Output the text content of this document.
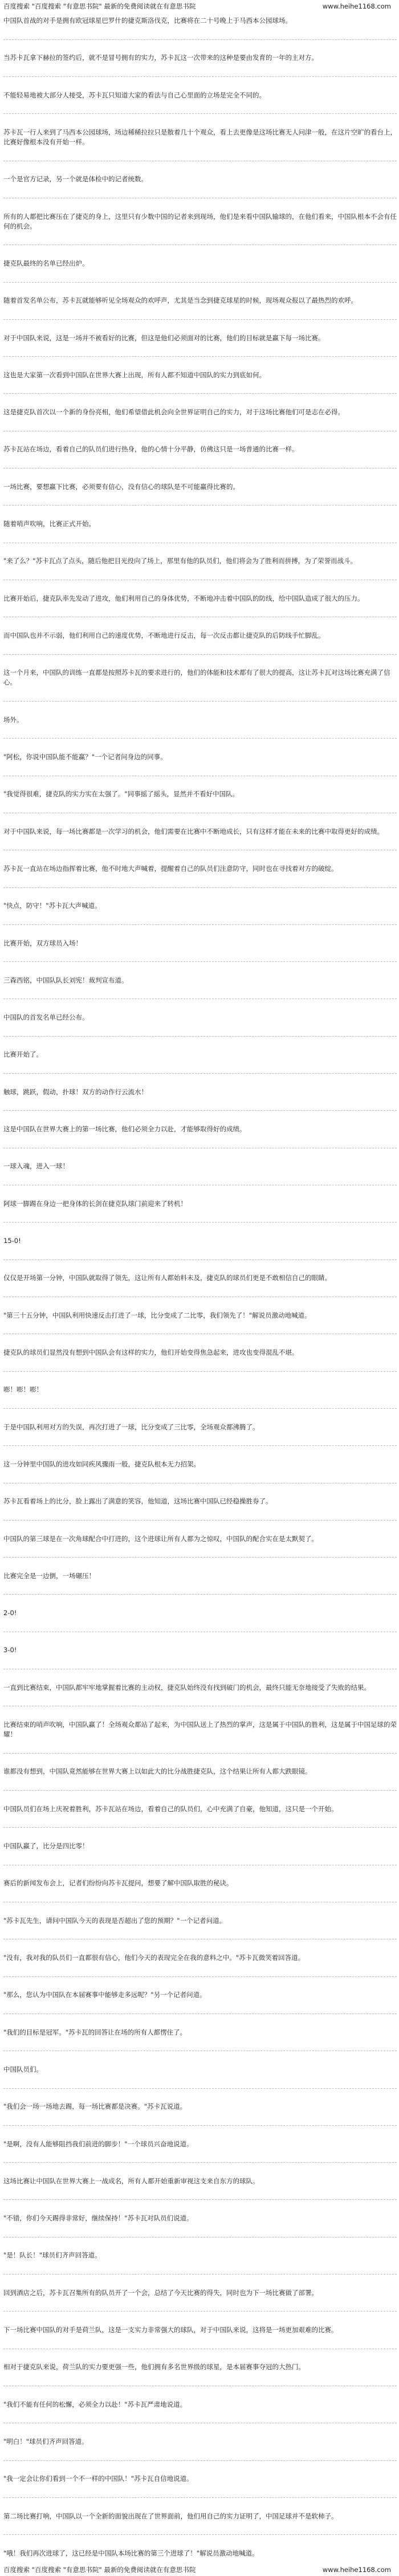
百度搜索 "百度搜索 "有意思书院" 最新的免费阅读就在有意思书院	www.heihe1168.com

中国队首战的对手是拥有欧冠球星巴罗什的捷克斯洛伐克，比赛将在二十号晚上于马西本公园球场。

当苏卡瓦拿下赫拉的签约后，就不是冒号拥有的实力，苏卡瓦这一次带来的这种是要由发育的一年的主对方。

不能轻易地被大部分人接受，苏卡瓦只知道大家的看法与自己心里面的立场是完全不同的。

苏卡瓦一行人来到了马西本公园球场，场边稀稀拉拉只是散着几十个观众，看上去更像是这场比赛无人问津一般，在这片空旷的看台上，比赛好像根本没有开始一样。

一个是官方记录，另一个就是体检中的记者统数。

所有的人都把比赛压在了捷克的身上，这里只有少数中国的记者来到现场，他们是来看中国队输球的，在他们看来，中国队根本不会有任何的机会。

捷克队最终的名单已经出炉。

随着首发名单公布，苏卡瓦就能够听见全场观众的欢呼声，尤其是当念到捷克球星的时候，现场观众报以了最热烈的欢呼。

对于中国队来说，这是一场并不被看好的比赛，但这是他们必须面对的比赛，他们的目标就是赢下每一场比赛。

这也是大家第一次看到中国队在世界大赛上出现，所有人都不知道中国队的实力到底如何。

这是捷克队首次以一个新的身份亮相，他们希望借此机会向全世界证明自己的实力，对于这场比赛他们可是志在必得。

苏卡瓦站在场边，看着自己的队员们进行热身，他的心情十分平静，仿佛这只是一场普通的比赛一样。

一场比赛，要想赢下比赛，必须要有信心，没有信心的球队是不可能赢得比赛的。

随着哨声吹响，比赛正式开始。

"来了么？"苏卡瓦点了点头，随后他把目光投向了场上，那里有他的队员们，他们将会为了胜利而拼搏，为了荣誉而战斗。

比赛开始后，捷克队率先发动了进攻，他们利用自己的身体优势，不断地冲击着中国队的防线，给中国队造成了很大的压力。

而中国队也并不示弱，他们利用自己的速度优势，不断地进行反击，每一次反击都让捷克队的后防线手忙脚乱。

这一个月来，中国队的训练一直都是按照苏卡瓦的要求进行的，他们的体能和技术都有了很大的提高，这让苏卡瓦对这场比赛充满了信心。

场外。

"阿松，你说中国队能不能赢？"一个记者问身边的同事。

"我觉得很难，捷克队的实力实在太强了。"同事摇了摇头，显然并不看好中国队。

对于中国队来说，每一场比赛都是一次学习的机会，他们需要在比赛中不断地成长，只有这样才能在未来的比赛中取得更好的成绩。

苏卡瓦一直站在场边指挥着比赛，他不时地大声喊着，提醒着自己的队员们注意防守，同时也在寻找着对方的破绽。

"快点，防守！"苏卡瓦大声喊道。

比赛开始，双方球员入场！

三森西铭，中国队队长刘宪！裁判宣布道。

中国队的首发名单已经公布。

比赛开始了。

触球，跳跃，假动，扑球！双方的动作行云流水！

这是中国队在世界大赛上的第一场比赛，他们必须全力以赴，才能够取得好的成绩。

一球入魂，进入一球！

阿球一脚踢在身边一把身体的长剑在捷克队球门前迎来了转机！

15-0!

仅仅是开场第一分钟，中国队就取得了领先，这让所有人都始料未及，捷克队的球员们更是不敢相信自己的眼睛。

"第三十五分钟，中国队利用快速反击打进了一球，比分变成了二比零，我们领先了！"解说员激动地喊道。

捷克队的球员们显然没有想到中国队会有这样的实力，他们开始变得焦急起来，进攻也变得混乱不堪。

嘭！嘭！嘭！

于是中国队利用对方的失误，再次打进了一球，比分变成了三比零，全场观众都沸腾了。

这一分钟里中国队的进攻如同疾风骤雨一般，捷克队根本无力招架。

苏卡瓦看着场上的比分，脸上露出了满意的笑容，他知道，这场比赛中国队已经稳操胜券了。

中国队的第三球是在一次角球配合中打进的，这个进球让所有人都为之惊叹，中国队的配合实在是太默契了。

比赛完全是一边倒，一场碾压！

2-0!

3-0!

一直到比赛结束，中国队都牢牢地掌握着比赛的主动权，捷克队始终没有找到破门的机会，最终只能无奈地接受了失败的结果。

比赛结束的哨声吹响，中国队赢了！全场观众都站了起来，为中国队送上了热烈的掌声，这是属于中国队的胜利，这是属于中国足球的荣耀！

谁都没有想到，中国队竟然能够在世界大赛上以如此大的比分战胜捷克队，这个结果让所有人都大跌眼镜。

中国队员们在场上庆祝着胜利，苏卡瓦站在场边，看着自己的队员们，心中充满了自豪，他知道，这只是一个开始。

中国队赢了，比分是四比零！

赛后的新闻发布会上，记者们纷纷向苏卡瓦提问，想要了解中国队取胜的秘诀。

"苏卡瓦先生，请问中国队今天的表现是否超出了您的预期？"一个记者问道。

"没有，我对我的队员们一直都很有信心，他们今天的表现完全在我的意料之中。"苏卡瓦微笑着回答道。

"那么，您认为中国队在本届赛事中能够走多远呢？"另一个记者问道。

"我们的目标是冠军。"苏卡瓦的回答让在场的所有人都愣住了。

中国队员们。

"我们会一场一场地去踢，每一场比赛都是决赛。"苏卡瓦说道。

"是啊，没有人能够阻挡我们前进的脚步！"一个球员兴奋地说道。

这场比赛让中国队在世界大赛上一战成名，所有人都开始重新审视这支来自东方的球队。

"不错，你们今天踢得非常好，继续保持！"苏卡瓦对队员们说道。

"是！队长！"球员们齐声回答道。

回到酒店之后，苏卡瓦召集所有的队员开了一个会，总结了今天比赛的得失，同时也为下一场比赛做了部署。

下一场比赛中国队的对手是荷兰队，这是一支实力非常强大的球队，对于中国队来说，这将是一场更加艰难的比赛。

相对于捷克队来说，荷兰队的实力要更强一些，他们拥有多名世界级的球星，是本届赛事夺冠的大热门。

"我们不能有任何的松懈，必须全力以赴！"苏卡瓦严肃地说道。

"明白！"球员们齐声回答道。

"我一定会让你们看到一个不一样的中国队！"苏卡瓦自信地说道。

第二场比赛打响，中国队以一个全新的面貌出现在了世界面前，他们用自己的实力证明了，中国足球并不是软柿子。

"哦！我们再次进球了，这已经是中国队本场比赛的第三个进球了！"解说员激动地喊道。

百度搜索 "百度搜索 "有意思书院" 最新的免费阅读就在有意思书院	www.heihe1168.com
